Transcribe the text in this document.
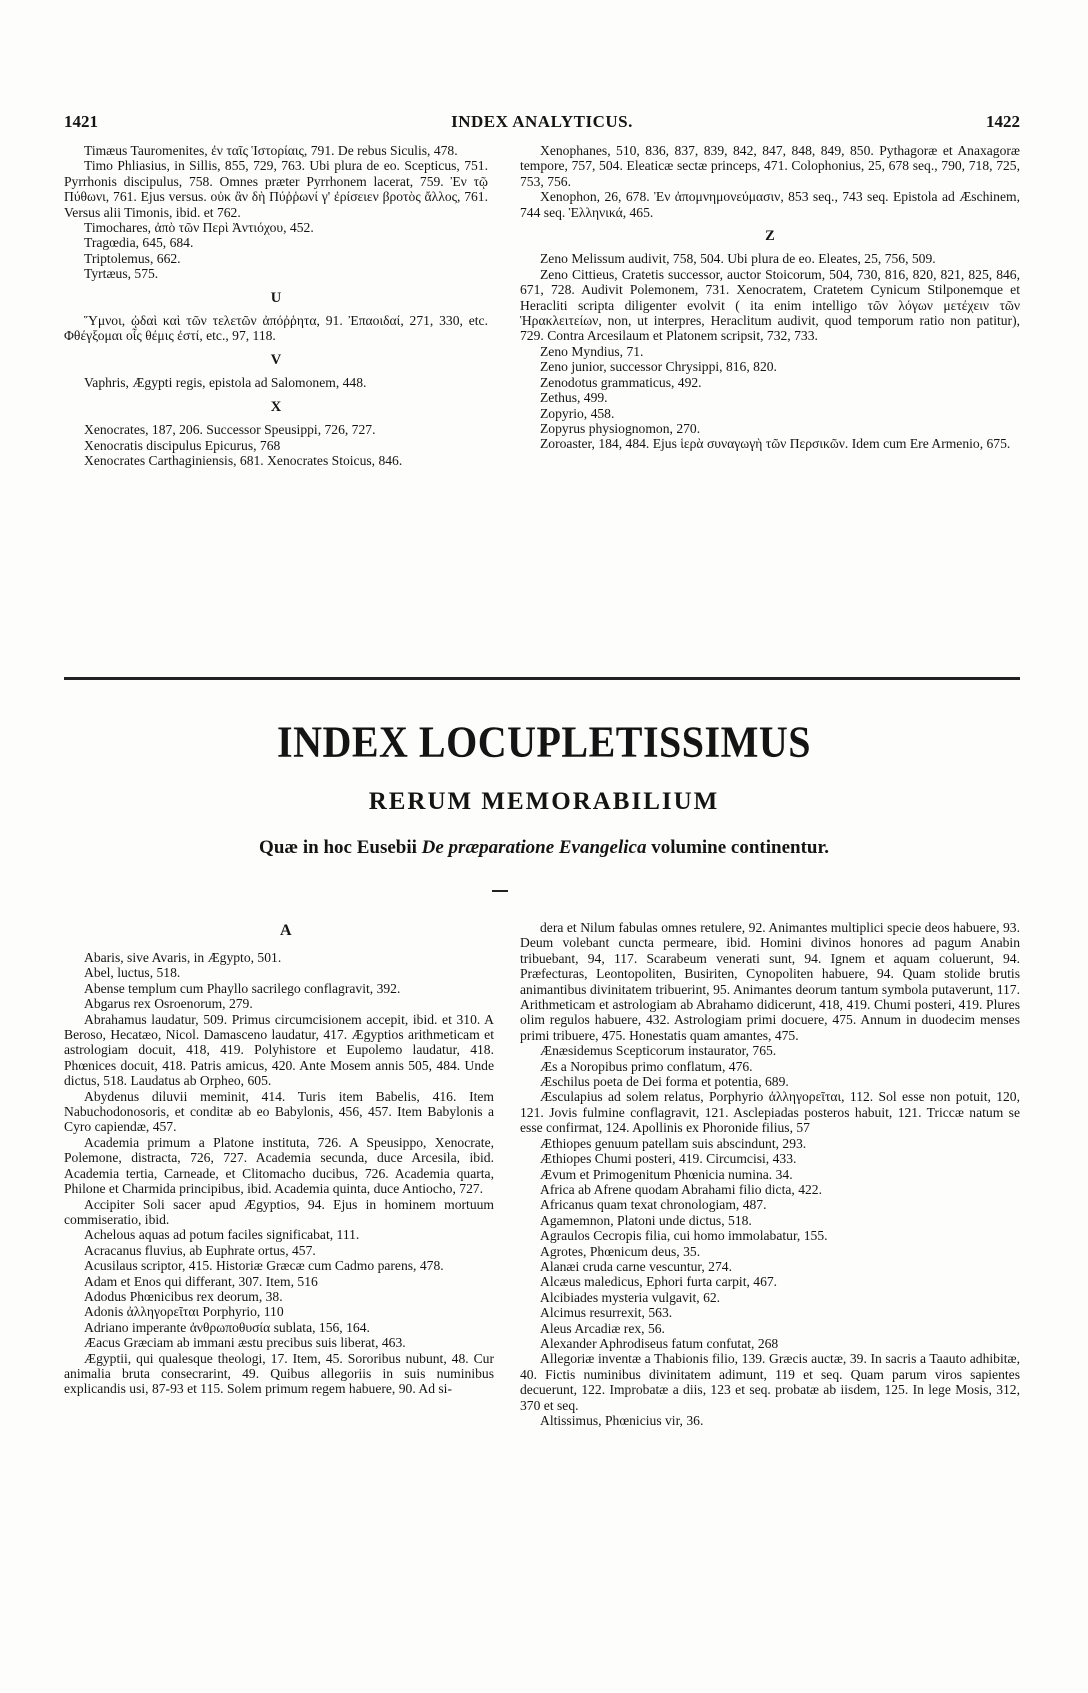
1421	INDEX ANALYTICUS.	1422

Timæus Tauromenites, ἐν ταῖς Ἱστορίαις, 791. De rebus Siculis, 478.

Timo Phliasius, in Sillis, 855, 729, 763. Ubi plura de eo. Scepticus, 751. Pyrrhonis discipulus, 758. Omnes præter Pyrrhonem lacerat, 759. Ἐν τῷ Πύθωνι, 761. Ejus versus. οὐκ ἂν δὴ Πύῤῥωνί γ' ἐρίσειεν βροτὸς ἄλλος, 761. Versus alii Timonis, ibid. et 762.

Timochares, ἀπὸ τῶν Περὶ Ἀντιόχου, 452.

Tragœdia, 645, 684.

Triptolemus, 662.

Tyrtæus, 575.

U

Ὕμνοι, ᾠδαὶ καὶ τῶν τελετῶν ἀπόῤῥητα, 91. Ἐπαοιδαί, 271, 330, etc. Φθέγξομαι οἷς θέμις ἐστί, etc., 97, 118.

V

Vaphris, Ægypti regis, epistola ad Salomonem, 448.

X

Xenocrates, 187, 206. Successor Speusippi, 726, 727.

Xenocratis discipulus Epicurus, 768

Xenocrates Carthaginiensis, 681. Xenocrates Stoicus, 846.

Xenophanes, 510, 836, 837, 839, 842, 847, 848, 849, 850. Pythagoræ et Anaxagoræ tempore, 757, 504. Eleaticæ sectæ princeps, 471. Colophonius, 25, 678 seq., 790, 718, 725, 753, 756.

Xenophon, 26, 678. Ἐν ἀπομνημονεύμασιν, 853 seq., 743 seq. Epistola ad Æschinem, 744 seq. Ἑλληνικά, 465.

Z

Zeno Melissum audivit, 758, 504. Ubi plura de eo. Eleates, 25, 756, 509.

Zeno Cittieus, Cratetis successor, auctor Stoicorum, 504, 730, 816, 820, 821, 825, 846, 671, 728. Audivit Polemonem, 731. Xenocratem, Cratetem Cynicum Stilponemque et Heracliti scripta diligenter evolvit ( ita enim intelligo τῶν λόγων μετέχειν τῶν Ἡρακλειτείων, non, ut interpres, Heraclitum audivit, quod temporum ratio non patitur), 729. Contra Arcesilaum et Platonem scripsit, 732, 733.

Zeno Myndius, 71.

Zeno junior, successor Chrysippi, 816, 820.

Zenodotus grammaticus, 492.

Zethus, 499.

Zopyrio, 458.

Zopyrus physiognomon, 270.

Zoroaster, 184, 484. Ejus ἱερὰ συναγωγὴ τῶν Περσικῶν. Idem cum Ere Armenio, 675.

INDEX LOCUPLETISSIMUS
RERUM MEMORABILIUM
Quæ in hoc Eusebii De præparatione Evangelica volumine continentur.
A

Abaris, sive Avaris, in Ægypto, 501.

Abel, luctus, 518.

Abense templum cum Phayllo sacrilego conflagravit, 392.

Abgarus rex Osroenorum, 279.

Abrahamus laudatur, 509. Primus circumcisionem accepit, ibid. et 310. A Beroso, Hecatæo, Nicol. Damasceno laudatur, 417. Ægyptios arithmeticam et astrologiam docuit, 418, 419. Polyhistore et Eupolemo laudatur, 418. Phœnices docuit, 418. Patris amicus, 420. Ante Mosem annis 505, 484. Unde dictus, 518. Laudatus ab Orpheo, 605.

Abydenus diluvii meminit, 414. Turis item Babelis, 416. Item Nabuchodonosoris, et conditæ ab eo Babylonis, 456, 457. Item Babylonis a Cyro capiendæ, 457.

Academia primum a Platone instituta, 726. A Speusippo, Xenocrate, Polemone, distracta, 726, 727. Academia secunda, duce Arcesila, ibid. Academia tertia, Carneade, et Clitomacho ducibus, 726. Academia quarta, Philone et Charmida principibus, ibid. Academia quinta, duce Antiocho, 727.

Accipiter Soli sacer apud Ægyptios, 94. Ejus in hominem mortuum commiseratio, ibid.

Achelous aquas ad potum faciles significabat, 111.

Acracanus fluvius, ab Euphrate ortus, 457.

Acusilaus scriptor, 415. Historiæ Græcæ cum Cadmo parens, 478.

Adam et Enos qui differant, 307. Item, 516

Adodus Phœnicibus rex deorum, 38.

Adonis ἀλληγορεῖται Porphyrio, 110

Adriano imperante ἀνθρωποθυσία sublata, 156, 164.

Æacus Græciam ab immani æstu precibus suis liberat, 463.

Ægyptii, qui qualesque theologi, 17. Item, 45. Sororibus nubunt, 48. Cur animalia bruta consecrarint, 49. Quibus allegoriis in suis numinibus explicandis usi, 87-93 et 115. Solem primum regem habuere, 90. Ad si-

dera et Nilum fabulas omnes retulere, 92. Animantes multiplici specie deos habuere, 93. Deum volebant cuncta permeare, ibid. Homini divinos honores ad pagum Anabin tribuebant, 94, 117. Scarabeum venerati sunt, 94. Ignem et aquam coluerunt, 94. Præfecturas, Leontopoliten, Busiriten, Cynopoliten habuere, 94. Quam stolide brutis animantibus divinitatem tribuerint, 95. Animantes deorum tantum symbola putaverunt, 117. Arithmeticam et astrologiam ab Abrahamo didicerunt, 418, 419. Chumi posteri, 419. Plures olim regulos habuere, 432. Astrologiam primi docuere, 475. Annum in duodecim menses primi tribuere, 475. Honestatis quam amantes, 475.

Ænæsidemus Scepticorum instaurator, 765.

Æs a Noropibus primo conflatum, 476.

Æschilus poeta de Dei forma et potentia, 689.

Æsculapius ad solem relatus, Porphyrio ἀλληγορεῖται, 112. Sol esse non potuit, 120, 121. Jovis fulmine conflagravit, 121. Asclepiadas posteros habuit, 121. Triccæ natum se esse confirmat, 124. Apollinis ex Phoronide filius, 57

Æthiopes genuum patellam suis abscindunt, 293.

Æthiopes Chumi posteri, 419. Circumcisi, 433.

Ævum et Primogenitum Phœnicia numina. 34.

Africa ab Afrene quodam Abrahami filio dicta, 422.

Africanus quam texat chronologiam, 487.

Agamemnon, Platoni unde dictus, 518.

Agraulos Cecropis filia, cui homo immolabatur, 155.

Agrotes, Phœnicum deus, 35.

Alanæi cruda carne vescuntur, 274.

Alcæus maledicus, Ephori furta carpit, 467.

Alcibiades mysteria vulgavit, 62.

Alcimus resurrexit, 563.

Aleus Arcadiæ rex, 56.

Alexander Aphrodiseus fatum confutat, 268

Allegoriæ inventæ a Thabionis filio, 139. Græcis auctæ, 39. In sacris a Taauto adhibitæ, 40. Fictis numinibus divinitatem adimunt, 119 et seq. Quam parum viros sapientes decuerunt, 122. Improbatæ a diis, 123 et seq. probatæ ab iisdem, 125. In lege Mosis, 312, 370 et seq.

Altissimus, Phœnicius vir, 36.
